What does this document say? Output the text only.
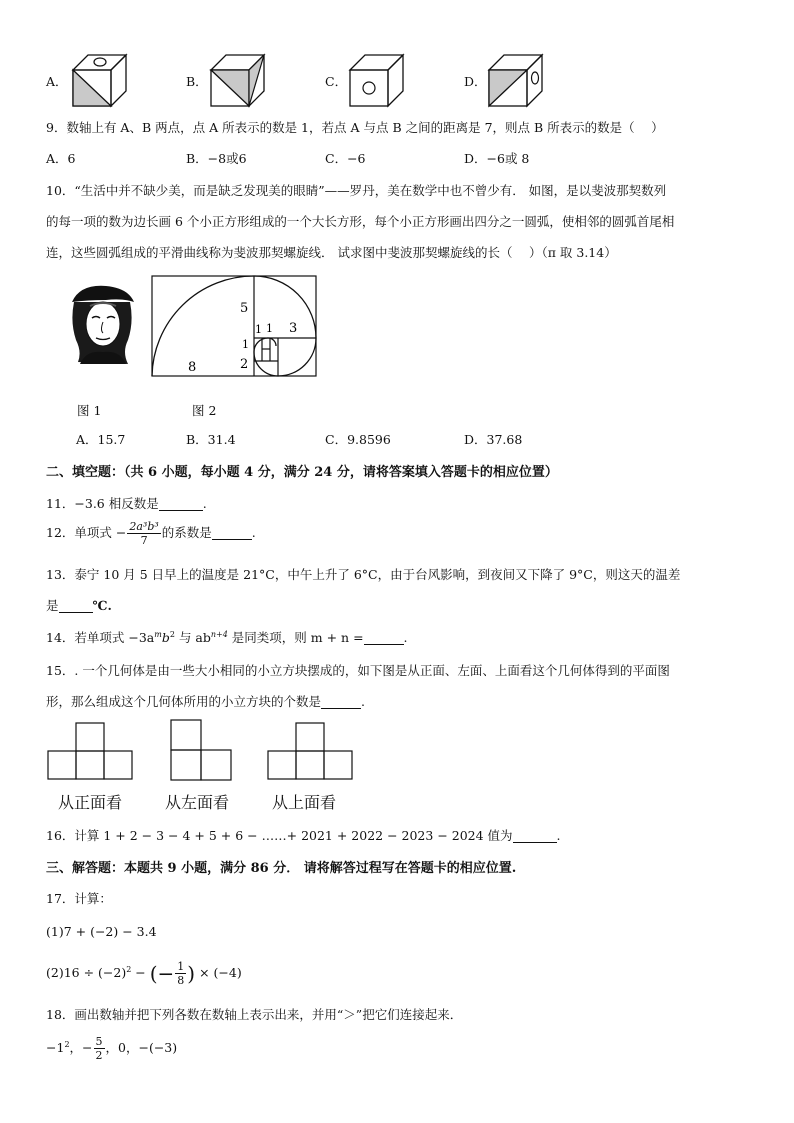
A．	B．	C．	D．
9．数轴上有 A、B 两点，点 A 所表示的数是 1，若点 A 与点 B 之间的距离是 7，则点 B 所表示的数是（　 ）
A．6	B．−8或6	C．−6	D．−6或 8
10．“生活中并不缺少美，而是缺乏发现美的眼睛”——罗丹，美在数学中也不曾少有． 如图，是以斐波那契数列
的每一项的数为边长画 6 个小正方形组成的一个大长方形，每个小正方形画出四分之一圆弧，使相邻的圆弧首尾相
连，这些圆弧组成的平滑曲线称为斐波那契螺旋线． 试求图中斐波那契螺旋线的长（　 ）（π 取 3.14）
5
1 1 3
1
2
8
图 1	图 2
A．15.7	B．31.4	C．9.8596	D．37.68
二、填空题：（共 6 小题，每小题 4 分，满分 24 分，请将答案填入答题卡的相应位置）
11．−3.6 相反数是	.
12．单项式 − $\frac{\text{2a³b³}}{7}$ 的系数是	.
13．泰宁 10 月 5 日早上的温度是 21°C，中午上升了 6°C，由于台风影响，到夜间又下降了 9°C，则这天的温差
是	℃.
14．若单项式 $-3a^mb^2$ 与 $ab^{n+4}$ 是同类项，则 m + n =	.
15．. 一个几何体是由一些大小相同的小立方块摆成的，如下图是从正面、左面、上面看这个几何体得到的平面图
形，那么组成这个几何体所用的小立方块的个数是	.
从正面看	从左面看	从上面看
16．计算 1 + 2 − 3 − 4 + 5 + 6 − ……+ 2021 + 2022 − 2023 − 2024 值为	.
三、解答题：本题共 9 小题，满分 86 分． 请将解答过程写在答题卡的相应位置.
17．计算：
(1)7 + (−2) − 3.4
$(2)16 \div (-2)^2$ − (− $\frac{1}{8}$ ) × (−4)
18．画出数轴并把下列各数在数轴上表示出来，并用“＞”把它们连接起来．
$-1^2$，− $\frac{5}{2}$ ，0，−(−3)
